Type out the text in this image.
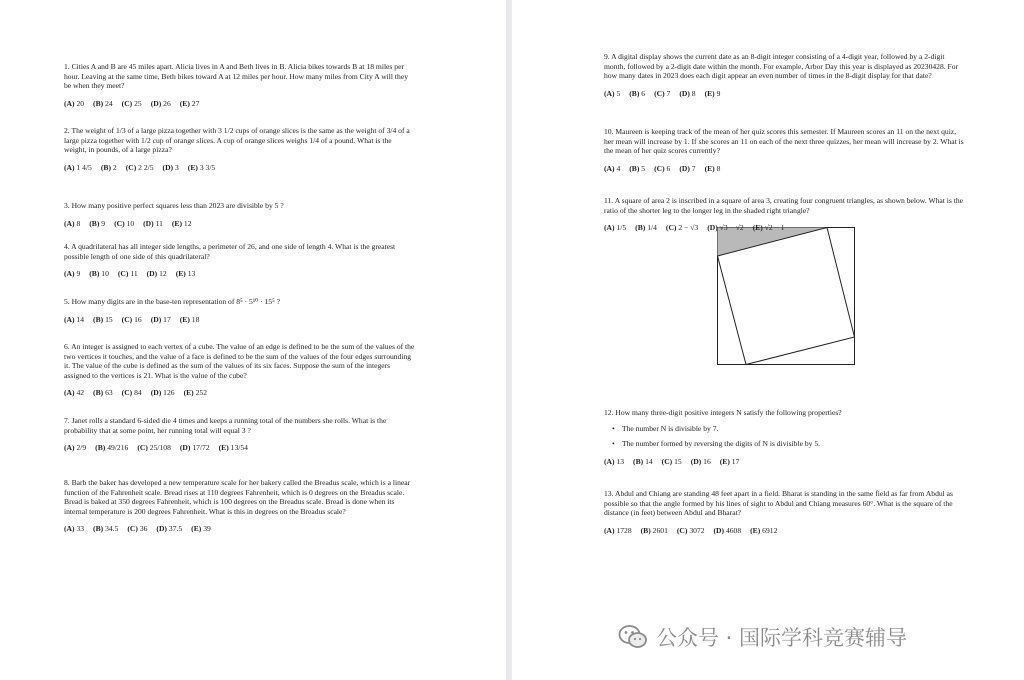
1. Cities A and B are 45 miles apart. Alicia lives in A and Beth lives in B. Alicia bikes towards B at 18 miles per hour. Leaving at the same time, Beth bikes toward A at 12 miles per hour. How many miles from City A will they be when they meet?
(A) 20 (B) 24 (C) 25 (D) 26 (E) 27
2. The weight of 1/3 of a large pizza together with 3 1/2 cups of orange slices is the same as the weight of 3/4 of a large pizza together with 1/2 cup of orange slices. A cup of orange slices weighs 1/4 of a pound. What is the weight, in pounds, of a large pizza?
(A) 1 4/5 (B) 2 (C) 2 2/5 (D) 3 (E) 3 3/5
3. How many positive perfect squares less than 2023 are divisible by 5 ?
(A) 8 (B) 9 (C) 10 (D) 11 (E) 12
4. A quadrilateral has all integer side lengths, a perimeter of 26, and one side of length 4. What is the greatest possible length of one side of this quadrilateral?
(A) 9 (B) 10 (C) 11 (D) 12 (E) 13
5. How many digits are in the base-ten representation of 8⁵ · 5¹⁰ · 15⁵ ?
(A) 14 (B) 15 (C) 16 (D) 17 (E) 18
6. An integer is assigned to each vertex of a cube. The value of an edge is defined to be the sum of the values of the two vertices it touches, and the value of a face is defined to be the sum of the values of the four edges surrounding it. The value of the cube is defined as the sum of the values of its six faces. Suppose the sum of the integers assigned to the vertices is 21. What is the value of the cube?
(A) 42 (B) 63 (C) 84 (D) 126 (E) 252
7. Janet rolls a standard 6-sided die 4 times and keeps a running total of the numbers she rolls. What is the probability that at some point, her running total will equal 3 ?
(A) 2/9 (B) 49/216 (C) 25/108 (D) 17/72 (E) 13/54
8. Barb the baker has developed a new temperature scale for her bakery called the Breadus scale, which is a linear function of the Fahrenheit scale. Bread rises at 110 degrees Fahrenheit, which is 0 degrees on the Breadus scale. Bread is baked at 350 degrees Fahrenheit, which is 100 degrees on the Breadus scale. Bread is done when its internal temperature is 200 degrees Fahrenheit. What is this in degrees on the Breadus scale?
(A) 33 (B) 34.5 (C) 36 (D) 37.5 (E) 39
9. A digital display shows the current date as an 8-digit integer consisting of a 4-digit year, followed by a 2-digit month, followed by a 2-digit date within the month. For example, Arbor Day this year is displayed as 20230428. For how many dates in 2023 does each digit appear an even number of times in the 8-digit display for that date?
(A) 5 (B) 6 (C) 7 (D) 8 (E) 9
10. Maureen is keeping track of the mean of her quiz scores this semester. If Maureen scores an 11 on the next quiz, her mean will increase by 1. If she scores an 11 on each of the next three quizzes, her mean will increase by 2. What is the mean of her quiz scores currently?
(A) 4 (B) 5 (C) 6 (D) 7 (E) 8
11. A square of area 2 is inscribed in a square of area 3, creating four congruent triangles, as shown below. What is the ratio of the shorter leg to the longer leg in the shaded right triangle?
(A) 1/5 (B) 1/4 (C) 2 − √3 (D) √3 − √2 (E) √2 − 1
12. How many three-digit positive integers N satisfy the following properties?
• The number N is divisible by 7.
• The number formed by reversing the digits of N is divisible by 5.
(A) 13 (B) 14 (C) 15 (D) 16 (E) 17
13. Abdul and Chiang are standing 48 feet apart in a field. Bharat is standing in the same field as far from Abdul as possible so that the angle formed by his lines of sight to Abdul and Chiang measures 60°. What is the square of the distance (in feet) between Abdul and Bharat?
(A) 1728 (B) 2601 (C) 3072 (D) 4608 (E) 6912
公众号 · 国际学科竞赛辅导
